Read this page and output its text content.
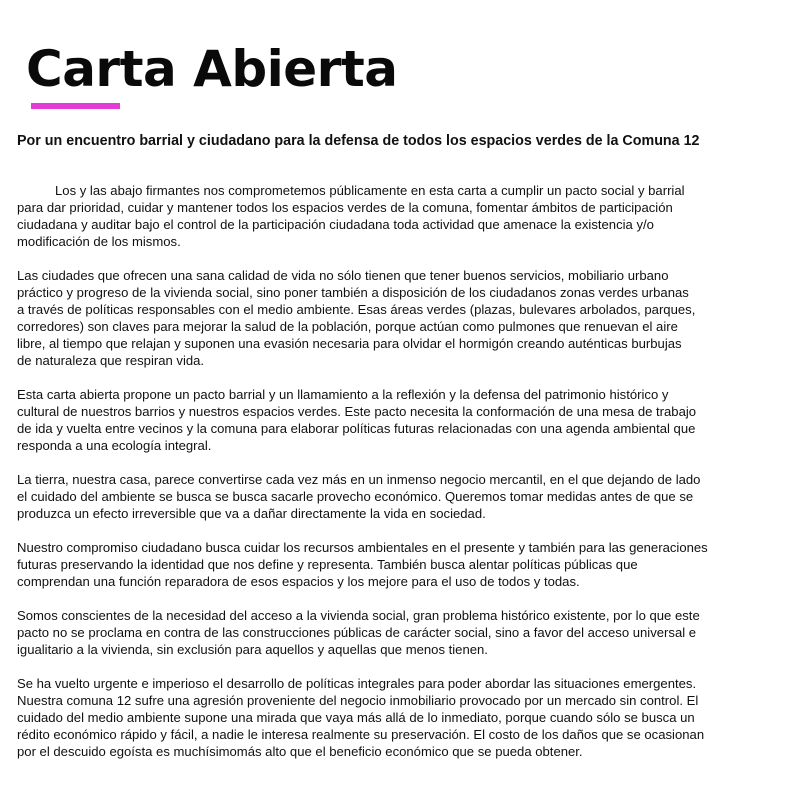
Carta Abierta
Por un encuentro barrial y ciudadano para la defensa de todos los espacios verdes de la Comuna 12

Los y las abajo firmantes nos comprometemos públicamente en esta carta a cumplir un pacto social y barrial
para dar prioridad, cuidar y mantener todos los espacios verdes de la comuna, fomentar ámbitos de participación
ciudadana y auditar bajo el control de la participación ciudadana toda actividad que amenace la existencia y/o
modificación de los mismos.

Las ciudades que ofrecen una sana calidad de vida no sólo tienen que tener buenos servicios, mobiliario urbano
práctico y progreso de la vivienda social, sino poner también a disposición de los ciudadanos zonas verdes urbanas
a través de políticas responsables con el medio ambiente. Esas áreas verdes (plazas, bulevares arbolados, parques,
corredores) son claves para mejorar la salud de la población, porque actúan como pulmones que renuevan el aire
libre, al tiempo que relajan y suponen una evasión necesaria para olvidar el hormigón creando auténticas burbujas
de naturaleza que respiran vida.

Esta carta abierta propone un pacto barrial y un llamamiento a la reflexión y la defensa del patrimonio histórico y
cultural de nuestros barrios y nuestros espacios verdes. Este pacto necesita la conformación de una mesa de trabajo
de ida y vuelta entre vecinos y la comuna para elaborar políticas futuras relacionadas con una agenda ambiental que
responda a una ecología integral.

La tierra, nuestra casa, parece convertirse cada vez más en un inmenso negocio mercantil, en el que dejando de lado
el cuidado del ambiente se busca se busca sacarle provecho económico. Queremos tomar medidas antes de que se
produzca un efecto irreversible que va a dañar directamente la vida en sociedad.

Nuestro compromiso ciudadano busca cuidar los recursos ambientales en el presente y también para las generaciones
futuras preservando la identidad que nos define y representa. También busca alentar políticas públicas que
comprendan una función reparadora de esos espacios y los mejore para el uso de todos y todas.

Somos conscientes de la necesidad del acceso a la vivienda social, gran problema histórico existente, por lo que este
pacto no se proclama en contra de las construcciones públicas de carácter social, sino a favor del acceso universal e
igualitario a la vivienda, sin exclusión para aquellos y aquellas que menos tienen.

Se ha vuelto urgente e imperioso el desarrollo de políticas integrales para poder abordar las situaciones emergentes.
Nuestra comuna 12 sufre una agresión proveniente del negocio inmobiliario provocado por un mercado sin control. El
cuidado del medio ambiente supone una mirada que vaya más allá de lo inmediato, porque cuando sólo se busca un
rédito económico rápido y fácil, a nadie le interesa realmente su preservación. El costo de los daños que se ocasionan
por el descuido egoísta es muchísimomás alto que el beneficio económico que se pueda obtener.
